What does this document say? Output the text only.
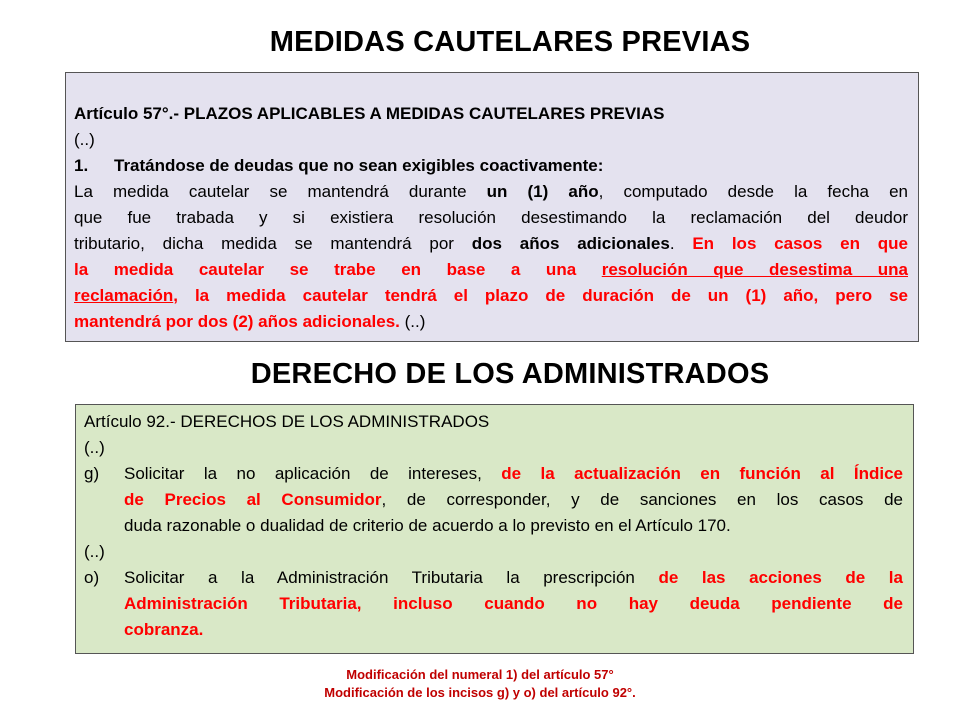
MEDIDAS CAUTELARES PREVIAS
Artículo 57°.- PLAZOS APLICABLES A MEDIDAS CAUTELARES PREVIAS
(..)
1.	Tratándose de deudas que no sean exigibles coactivamente:
La medida cautelar se mantendrá durante un (1) año, computado desde la fecha en
que fue trabada y si existiera resolución desestimando la reclamación del deudor
tributario, dicha medida se mantendrá por dos años adicionales. En los casos en que
la medida cautelar se trabe en base a una resolución que desestima una
reclamación, la medida cautelar tendrá el plazo de duración de un (1) año, pero se
mantendrá por dos (2) años adicionales. (..)
DERECHO DE LOS ADMINISTRADOS
Artículo 92.- DERECHOS DE LOS ADMINISTRADOS
(..)
g)	Solicitar la no aplicación de intereses, de la actualización en función al Índice
de Precios al Consumidor, de corresponder, y de sanciones en los casos de
duda razonable o dualidad de criterio de acuerdo a lo previsto en el Artículo 170.
(..)
o)	Solicitar a la Administración Tributaria la prescripción de las acciones de la
Administración Tributaria, incluso cuando no hay deuda pendiente de
cobranza.
Modificación del numeral 1) del artículo 57°
Modificación de los incisos g) y o) del artículo 92°.
